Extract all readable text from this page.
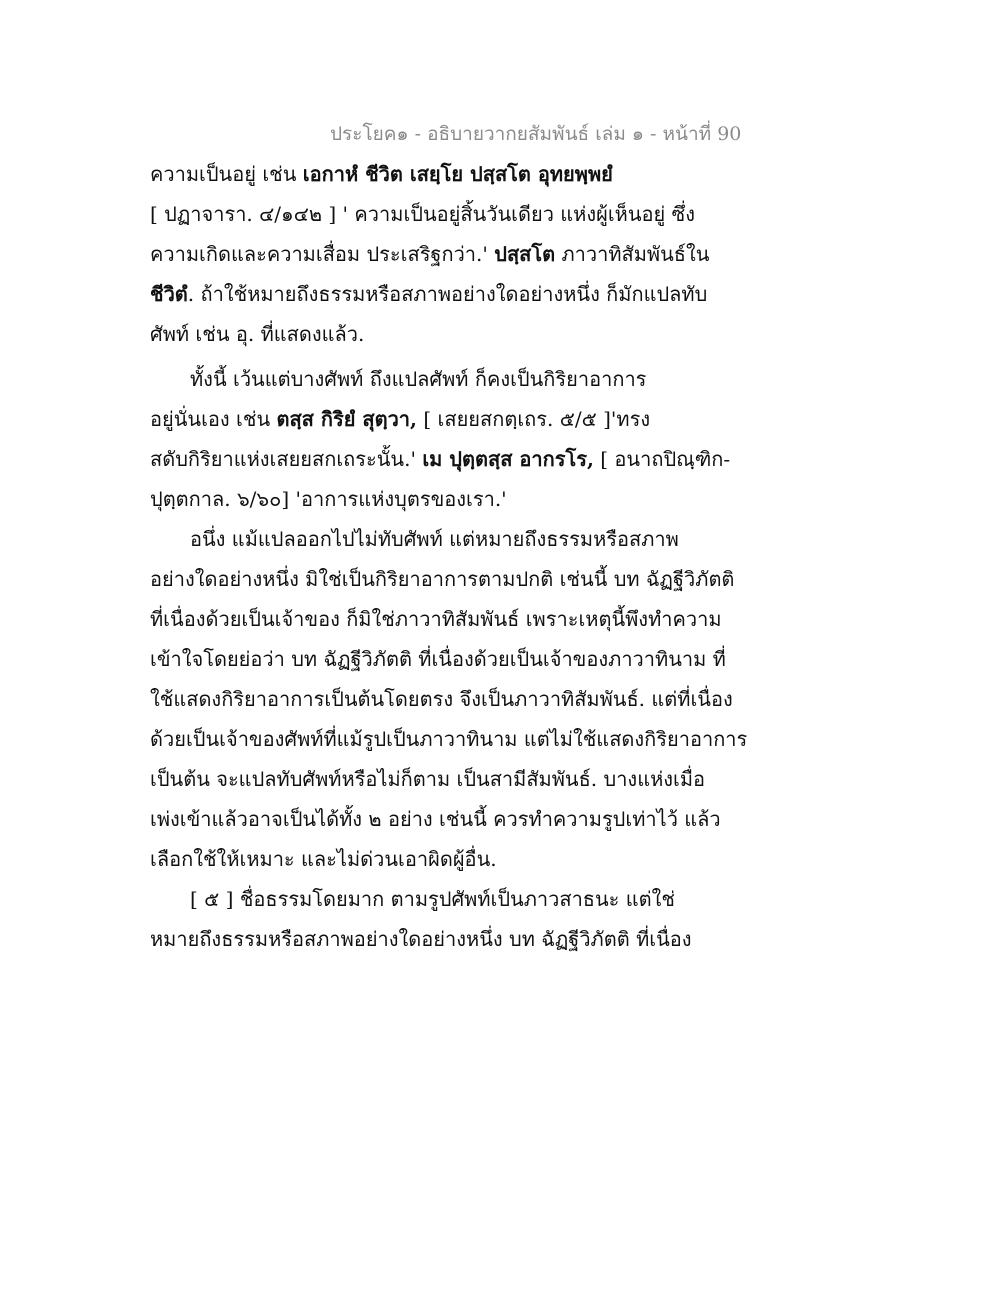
ประโยค๑ - อธิบายวากยสัมพันธ์ เล่ม ๑ - หน้าที่ 90
ความเป็นอยู่ เช่น เอกาหํ ชีวิต เสยฺโย ปสฺสโต อุทยพฺพยํ
[ ปฏาจารา. ๔/๑๔๒ ] ' ความเป็นอยู่สิ้นวันเดียว แห่งผู้เห็นอยู่ ซึ่ง
ความเกิดและความเสื่อม ประเสริฐกว่า.' ปสฺสโต ภาวาทิสัมพันธ์ใน
ชีวิตํ. ถ้าใช้หมายถึงธรรมหรือสภาพอย่างใดอย่างหนึ่ง ก็มักแปลทับ
ศัพท์ เช่น อุ. ที่แสดงแล้ว.
ทั้งนี้ เว้นแต่บางศัพท์ ถึงแปลศัพท์ ก็คงเป็นกิริยาอาการ
อยู่นั่นเอง เช่น ตสฺส กิริยํ สุตฺวา, [ เสยยสกตฺเถร. ๕/๕ ]'ทรง
สดับกิริยาแห่งเสยยสกเถระนั้น.' เม ปุตฺตสฺส อากรโร, [ อนาถปิณฺฑิก-
ปุตฺตกาล. ๖/๖๐] 'อาการแห่งบุตรของเรา.'
อนึ่ง แม้แปลออกไปไม่ทับศัพท์ แต่หมายถึงธรรมหรือสภาพ
อย่างใดอย่างหนึ่ง มิใช่เป็นกิริยาอาการตามปกติ เช่นนี้ บท ฉัฏฐีวิภัตติ
ที่เนื่องด้วยเป็นเจ้าของ ก็มิใช่ภาวาทิสัมพันธ์ เพราะเหตุนี้พึงทำความ
เข้าใจโดยย่อว่า บท ฉัฏฐีวิภัตติ ที่เนื่องด้วยเป็นเจ้าของภาวาทินาม ที่
ใช้แสดงกิริยาอาการเป็นต้นโดยตรง จึงเป็นภาวาทิสัมพันธ์. แต่ที่เนื่อง
ด้วยเป็นเจ้าของศัพท์ที่แม้รูปเป็นภาวาทินาม แต่ไม่ใช้แสดงกิริยาอาการ
เป็นต้น จะแปลทับศัพท์หรือไม่ก็ตาม เป็นสามีสัมพันธ์. บางแห่งเมื่อ
เพ่งเข้าแล้วอาจเป็นได้ทั้ง ๒ อย่าง เช่นนี้ ควรทำความรูปเท่าไว้ แล้ว
เลือกใช้ให้เหมาะ และไม่ด่วนเอาผิดผู้อื่น.
[ ๕ ] ชื่อธรรมโดยมาก ตามรูปศัพท์เป็นภาวสาธนะ แต่ใช่
หมายถึงธรรมหรือสภาพอย่างใดอย่างหนึ่ง บท ฉัฏฐีวิภัตติ ที่เนื่อง
